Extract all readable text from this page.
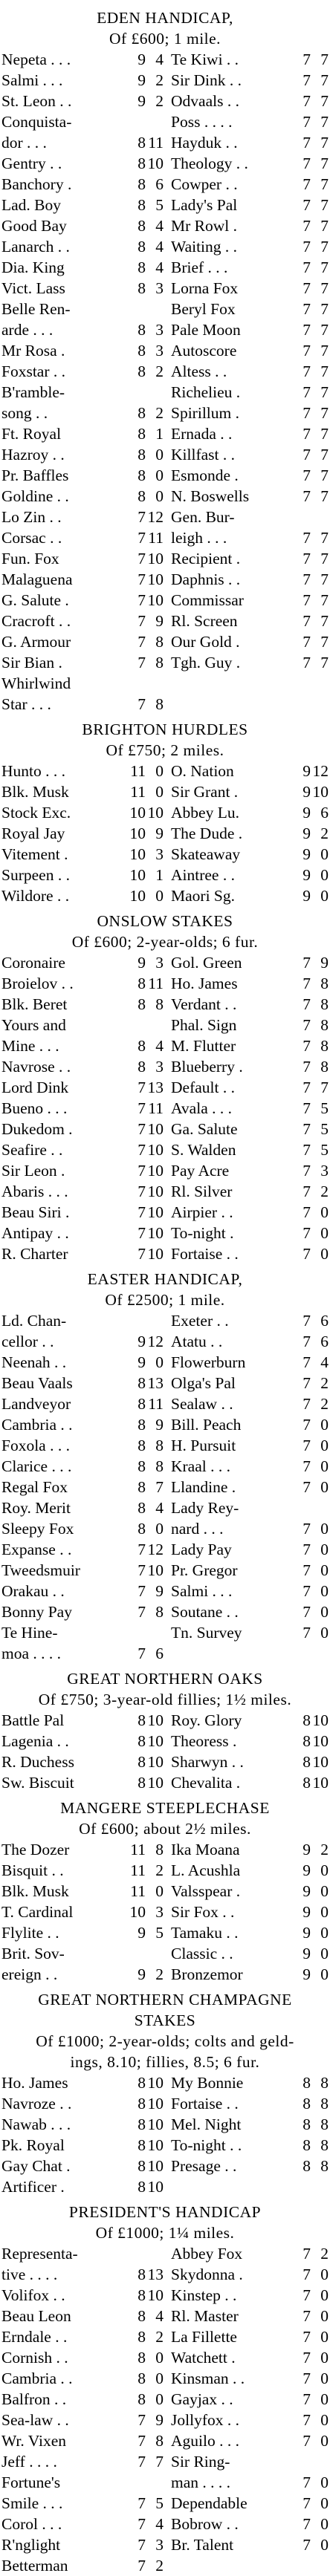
EDEN HANDICAP,

Of £600; 1 mile.

Nepeta . . .	9 4 Te Kiwi . .	7 7
Salmi . . .	9 2 Sir Dink . .	7 7
St. Leon . .	9 2 Odvaals . .	7 7
Conquista-	Poss . . . .	7 7
dor . . .	8 11 Hayduk . .	7 7
Gentry . .	8 10 Theology . .	7 7
Banchory .	8 6 Cowper . .	7 7
Lad. Boy	8 5 Lady's Pal	7 7
Good Bay	8 4 Mr Rowl .	7 7
Lanarch . .	8 4 Waiting . .	7 7
Dia. King	8 4 Brief . . .	7 7
Vict. Lass	8 3 Lorna Fox	7 7
Belle Ren-	Beryl Fox	7 7
arde . . .	8 3 Pale Moon	7 7
Mr Rosa .	8 3 Autoscore	7 7
Foxstar . .	8 2 Altess . .	7 7
B'ramble-	Richelieu .	7 7
song . .	8 2 Spirillum .	7 7
Ft. Royal	8 1 Ernada . .	7 7
Hazroy . .	8 0 Killfast . .	7 7
Pr. Baffles	8 0 Esmonde .	7 7
Goldine . .	8 0 N. Boswells	7 7
Lo Zin . .	7 12 Gen. Bur-
Corsac . .	7 11 leigh . . .	7 7
Fun. Fox	7 10 Recipient .	7 7
Malaguena	7 10 Daphnis . .	7 7
G. Salute .	7 10 Commissar	7 7
Cracroft . .	7 9 Rl. Screen	7 7
G. Armour	7 8 Our Gold .	7 7
Sir Bian .	7 8 Tgh. Guy .	7 7
Whirlwind
Star . . .	7 8

BRIGHTON HURDLES

Of £750; 2 miles.

Hunto . . .	11 0 O. Nation	9 12
Blk. Musk	11 0 Sir Grant .	9 10
Stock Exc.	10 10 Abbey Lu.	9 6
Royal Jay	10 9 The Dude .	9 2
Vitement .	10 3 Skateaway	9 0
Surpeen . .	10 1 Aintree . .	9 0
Wildore . .	10 0 Maori Sg.	9 0

ONSLOW STAKES

Of £600; 2-year-olds; 6 fur.

Coronaire	9 3 Gol. Green	7 9
Broielov . .	8 11 Ho. James	7 8
Blk. Beret	8 8 Verdant . .	7 8
Yours and	Phal. Sign	7 8
Mine . . .	8 4 M. Flutter	7 8
Navrose . .	8 3 Blueberry .	7 8
Lord Dink	7 13 Default . .	7 7
Bueno . . .	7 11 Avala . . .	7 5
Dukedom .	7 10 Ga. Salute	7 5
Seafire . .	7 10 S. Walden	7 5
Sir Leon .	7 10 Pay Acre	7 3
Abaris . . .	7 10 Rl. Silver	7 2
Beau Siri .	7 10 Airpier . .	7 0
Antipay . .	7 10 To-night .	7 0
R. Charter	7 10 Fortaise . .	7 0

EASTER HANDICAP,

Of £2500; 1 mile.

Ld. Chan-	Exeter . .	7 6
cellor . .	9 12 Atatu . .	7 6
Neenah . .	9 0 Flowerburn	7 4
Beau Vaals	8 13 Olga's Pal	7 2
Landveyor	8 11 Sealaw . .	7 2
Cambria . .	8 9 Bill. Peach	7 0
Foxola . . .	8 8 H. Pursuit	7 0
Clarice . . .	8 8 Kraal . . .	7 0
Regal Fox	8 7 Llandine .	7 0
Roy. Merit	8 4 Lady Rey-
Sleepy Fox	8 0 nard . . .	7 0
Expanse . .	7 12 Lady Pay	7 0
Tweedsmuir	7 10 Pr. Gregor	7 0
Orakau . .	7 9 Salmi . . .	7 0
Bonny Pay	7 8 Soutane . .	7 0
Te Hine-	Tn. Survey	7 0
moa . . . .	7 6

GREAT NORTHERN OAKS

Of £750; 3-year-old fillies; 1½ miles.

Battle Pal	8 10 Roy. Glory	8 10
Lagenia . .	8 10 Theoress .	8 10
R. Duchess	8 10 Sharwyn . .	8 10
Sw. Biscuit	8 10 Chevalita .	8 10

MANGERE STEEPLECHASE

Of £600; about 2½ miles.

The Dozer	11 8 Ika Moana	9 2
Bisquit . .	11 2 L. Acushla	9 0
Blk. Musk	11 0 Valsspear .	9 0
T. Cardinal	10 3 Sir Fox . .	9 0
Flylite . .	9 5 Tamaku . .	9 0
Brit. Sov-	Classic . .	9 0
ereign . .	9 2 Bronzemor	9 0

GREAT NORTHERN CHAMPAGNE

STAKES

Of £1000; 2-year-olds; colts and geld-

ings, 8.10; fillies, 8.5; 6 fur.

Ho. James	8 10 My Bonnie	8 8
Navroze . .	8 10 Fortaise . .	8 8
Nawab . . .	8 10 Mel. Night	8 8
Pk. Royal	8 10 To-night . .	8 8
Gay Chat .	8 10 Presage . .	8 8
Artificer .	8 10

PRESIDENT'S HANDICAP

Of £1000; 1¼ miles.

Representa-	Abbey Fox	7 2
tive . . . .	8 13 Skydonna .	7 0
Volifox . .	8 10 Kinstep . .	7 0
Beau Leon	8 4 Rl. Master	7 0
Erndale . .	8 2 La Fillette	7 0
Cornish . .	8 0 Watchett .	7 0
Cambria . .	8 0 Kinsman . .	7 0
Balfron . .	8 0 Gayjax . .	7 0
Sea-law . .	7 9 Jollyfox . .	7 0
Wr. Vixen	7 8 Aguilo . . .	7 0
Jeff . . . .	7 7 Sir Ring-
Fortune's	man . . . .	7 0
Smile . . .	7 5 Dependable	7 0
Corol . . .	7 4 Bobrow . .	7 0
R'nglight	7 3 Br. Talent	7 0
Betterman	7 2
